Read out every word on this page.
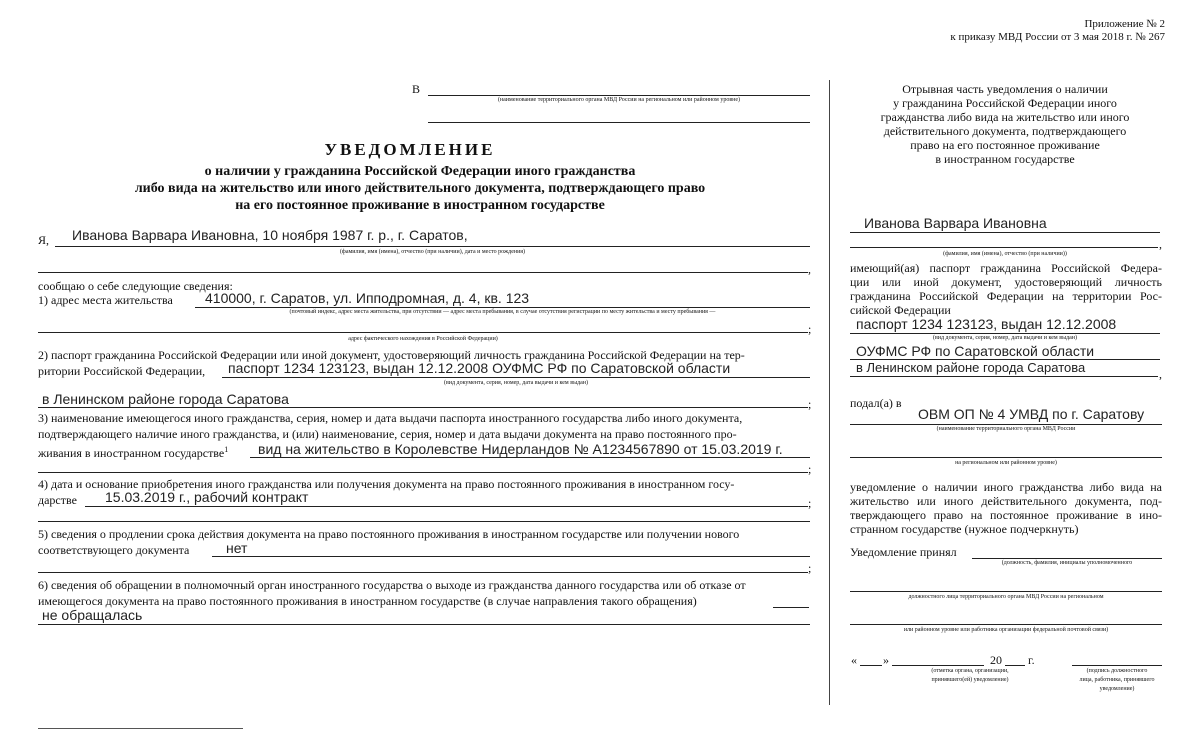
Приложение № 2
к приказу МВД России от 3 мая 2018 г. № 267
В
(наименование территориального органа МВД России на региональном или районном уровне)
УВЕДОМЛЕНИЕ
о наличии у гражданина Российской Федерации иного гражданства
либо вида на жительство или иного действительного документа, подтверждающего право
на его постоянное проживание в иностранном государстве
Я, Иванова Варвара Ивановна, 10 ноября 1987 г. р., г. Саратов,
(фамилия, имя (имена), отчество (при наличии), дата и место рождения)
,
сообщаю о себе следующие сведения:
1) адрес места жительства 410000, г. Саратов, ул. Ипподромная, д. 4, кв. 123
(почтовый индекс, адрес места жительства, при отсутствии — адрес места пребывания, в случае отсутствия регистрации по месту жительства и месту пребывания —
;
адрес фактического нахождения в Российской Федерации)
2) паспорт гражданина Российской Федерации или иной документ, удостоверяющий личность гражданина Российской Федерации на тер-
ритории Российской Федерации, паспорт 1234 123123, выдан 12.12.2008 ОУФМС РФ по Саратовской области
(вид документа, серия, номер, дата выдачи и кем выдан)
в Ленинском районе города Саратова	;
3) наименование имеющегося иного гражданства, серия, номер и дата выдачи паспорта иностранного государства либо иного документа,
подтверждающего наличие иного гражданства, и (или) наименование, серия, номер и дата выдачи документа на право постоянного про-
живания в иностранном государстве$^1$ вид на жительство в Королевстве Нидерландов № A1234567890 от 15.03.2019 г.
;
4) дата и основание приобретения иного гражданства или получения документа на право постоянного проживания в иностранном госу-
дарстве 15.03.2019 г., рабочий контракт	;
5) сведения о продлении срока действия документа на право постоянного проживания в иностранном государстве или получении нового
соответствующего документа	нет
;
6) сведения об обращении в полномочный орган иностранного государства о выходе из гражданства данного государства или об отказе от
имеющегося документа на право постоянного проживания в иностранном государстве (в случае направления такого обращения)
не обращалась
Отрывная часть уведомления о наличии
у гражданина Российской Федерации иного
гражданства либо вида на жительство или иного
действительного документа, подтверждающего
право на его постоянное проживание
в иностранном государстве
Иванова Варвара Ивановна
,
(фамилия, имя (имена), отчество (при наличии))
имеющий(ая) паспорт гражданина Российской Федера-
ции или иной документ, удостоверяющий личность
гражданина Российской Федерации на территории Рос-
сийской Федерации
паспорт 1234 123123, выдан 12.12.2008
(вид документа, серия, номер, дата выдачи и кем выдан)
ОУФМС РФ по Саратовской области
в Ленинском районе города Саратова	,
подал(а) в
ОВМ ОП № 4 УМВД по г. Саратову
(наименование территориального органа МВД России
на региональном или районном уровне)
уведомление о наличии иного гражданства либо вида на
жительство или иного действительного документа, под-
тверждающего право на постоянное проживание в ино-
странном государстве (нужное подчеркнуть)
Уведомление принял
(должность, фамилия, инициалы уполномоченного
должностного лица территориального органа МВД России на региональном
или районном уровне или работника организации федеральной почтовой связи)
« »	20 г.
(отметка органа, организации,
принявшего(ей) уведомление)
(подпись должностного
лица, работника, принявшего
уведомление)
